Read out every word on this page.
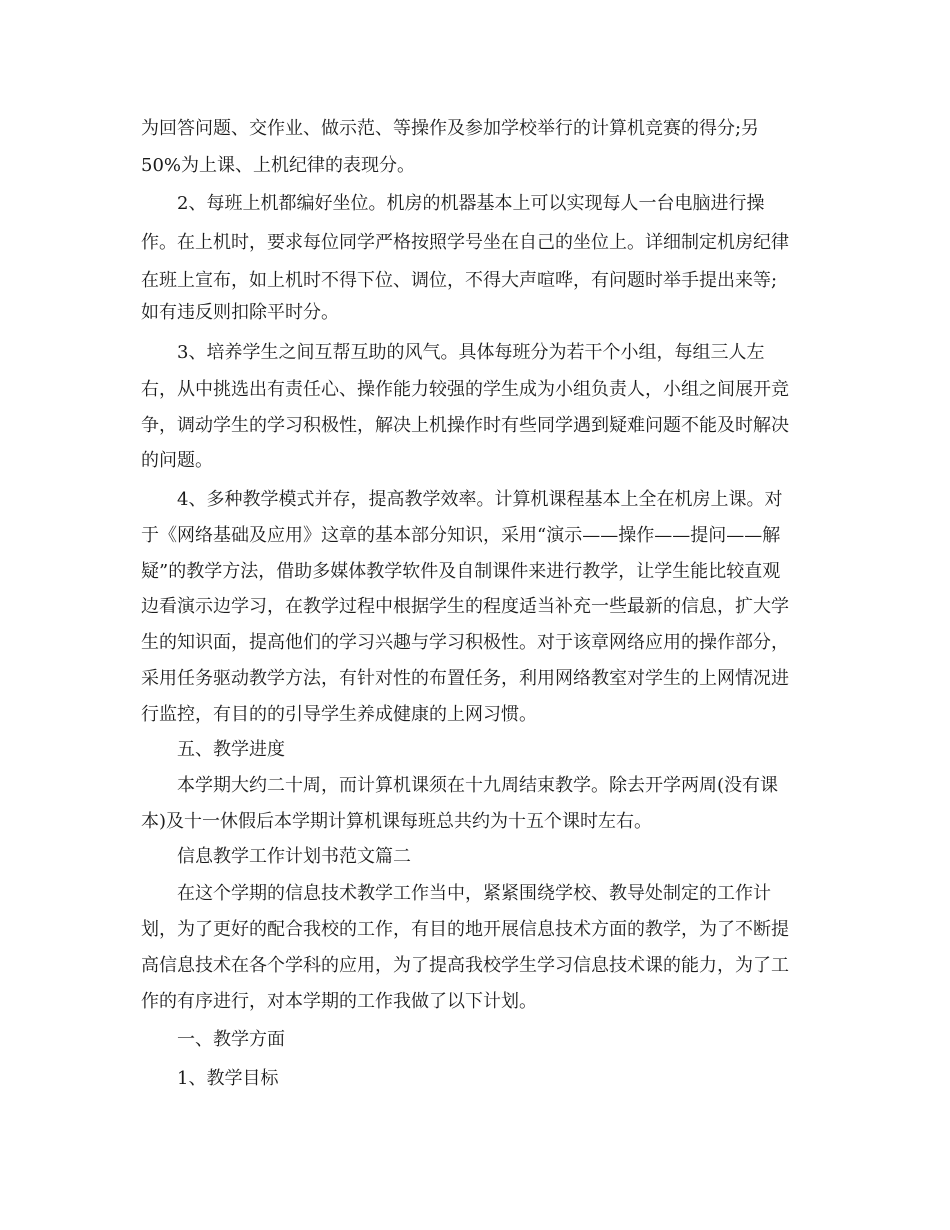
为回答问题、交作业、做示范、等操作及参加学校举行的计算机竞赛的得分;另
50%为上课、上机纪律的表现分。
2、每班上机都编好坐位。机房的机器基本上可以实现每人一台电脑进行操
作。在上机时，要求每位同学严格按照学号坐在自己的坐位上。详细制定机房纪律
在班上宣布，如上机时不得下位、调位，不得大声喧哗，有问题时举手提出来等;
如有违反则扣除平时分。
3、培养学生之间互帮互助的风气。具体每班分为若干个小组，每组三人左
右，从中挑选出有责任心、操作能力较强的学生成为小组负责人，小组之间展开竞
争，调动学生的学习积极性，解决上机操作时有些同学遇到疑难问题不能及时解决
的问题。
4、多种教学模式并存，提高教学效率。计算机课程基本上全在机房上课。对
于《网络基础及应用》这章的基本部分知识，采用“演示——操作——提问——解
疑”的教学方法，借助多媒体教学软件及自制课件来进行教学，让学生能比较直观
边看演示边学习，在教学过程中根据学生的程度适当补充一些最新的信息，扩大学
生的知识面，提高他们的学习兴趣与学习积极性。对于该章网络应用的操作部分，
采用任务驱动教学方法，有针对性的布置任务，利用网络教室对学生的上网情况进
行监控，有目的的引导学生养成健康的上网习惯。
五、教学进度
本学期大约二十周，而计算机课须在十九周结束教学。除去开学两周(没有课
本)及十一休假后本学期计算机课每班总共约为十五个课时左右。
信息教学工作计划书范文篇二
在这个学期的信息技术教学工作当中，紧紧围绕学校、教导处制定的工作计
划，为了更好的配合我校的工作，有目的地开展信息技术方面的教学，为了不断提
高信息技术在各个学科的应用，为了提高我校学生学习信息技术课的能力，为了工
作的有序进行，对本学期的工作我做了以下计划。
一、教学方面
1、教学目标
